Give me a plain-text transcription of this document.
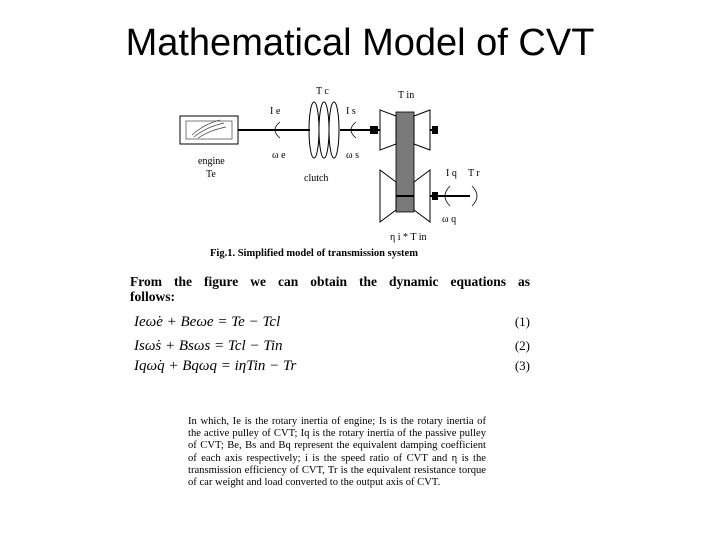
Mathematical Model of CVT
engine
Te	clutch
T c
I e
ω e
I s
ω s
T in
I q T r
ω q
η i * T in
Fig.1. Simplified model of transmission system
From the figure we can obtain the dynamic equations as
follows:
Ieω̇e + Beωe = Te − Tcl	(1)
Isω̇s + Bsωs = Tcl − Tin	(2)
Iqω̇q + Bqωq = iηTin − Tr	(3)
In which, Ie is the rotary inertia of engine; Is is the rotary inertia of the active pulley of CVT; Iq is the rotary inertia of the passive pulley of CVT; Be, Bs and Bq represent the equivalent damping coefficient of each axis respectively; i is the speed ratio of CVT and η is the transmission efficiency of CVT, Tr is the equivalent resistance torque of car weight and load converted to the output axis of CVT.
